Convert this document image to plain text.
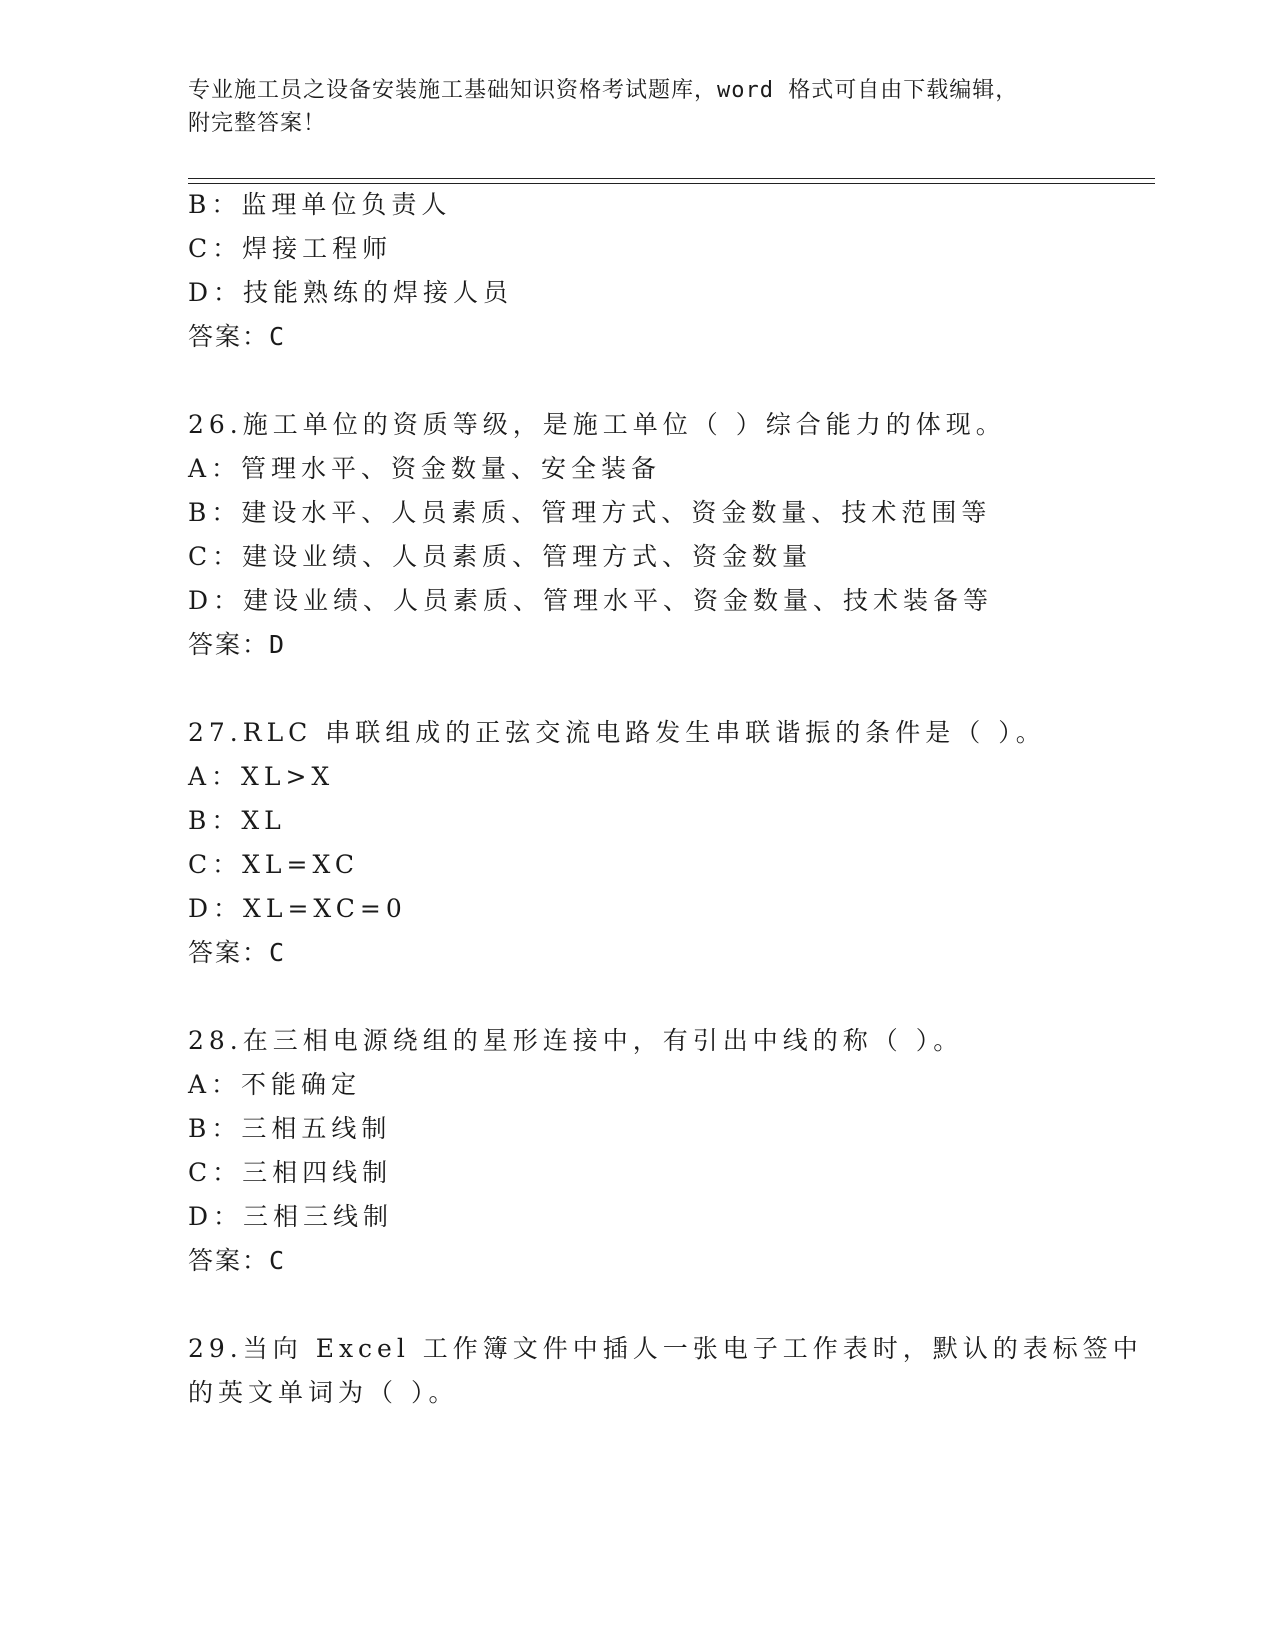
专业施工员之设备安装施工基础知识资格考试题库，word 格式可自由下载编辑，
附完整答案！
B：监理单位负责人
C：焊接工程师
D：技能熟练的焊接人员
答案：C
26.施工单位的资质等级，是施工单位（ ）综合能力的体现。
A：管理水平、资金数量、安全装备
B：建设水平、人员素质、管理方式、资金数量、技术范围等
C：建设业绩、人员素质、管理方式、资金数量
D：建设业绩、人员素质、管理水平、资金数量、技术装备等
答案：D
27.RLC 串联组成的正弦交流电路发生串联谐振的条件是（ ）。
A：XL>X
B：XL
C：XL=XC
D：XL=XC=0
答案：C
28.在三相电源绕组的星形连接中，有引出中线的称（ ）。
A：不能确定
B：三相五线制
C：三相四线制
D：三相三线制
答案：C
29.当向 Excel 工作簿文件中插人一张电子工作表时，默认的表标签中
的英文单词为（ ）。
